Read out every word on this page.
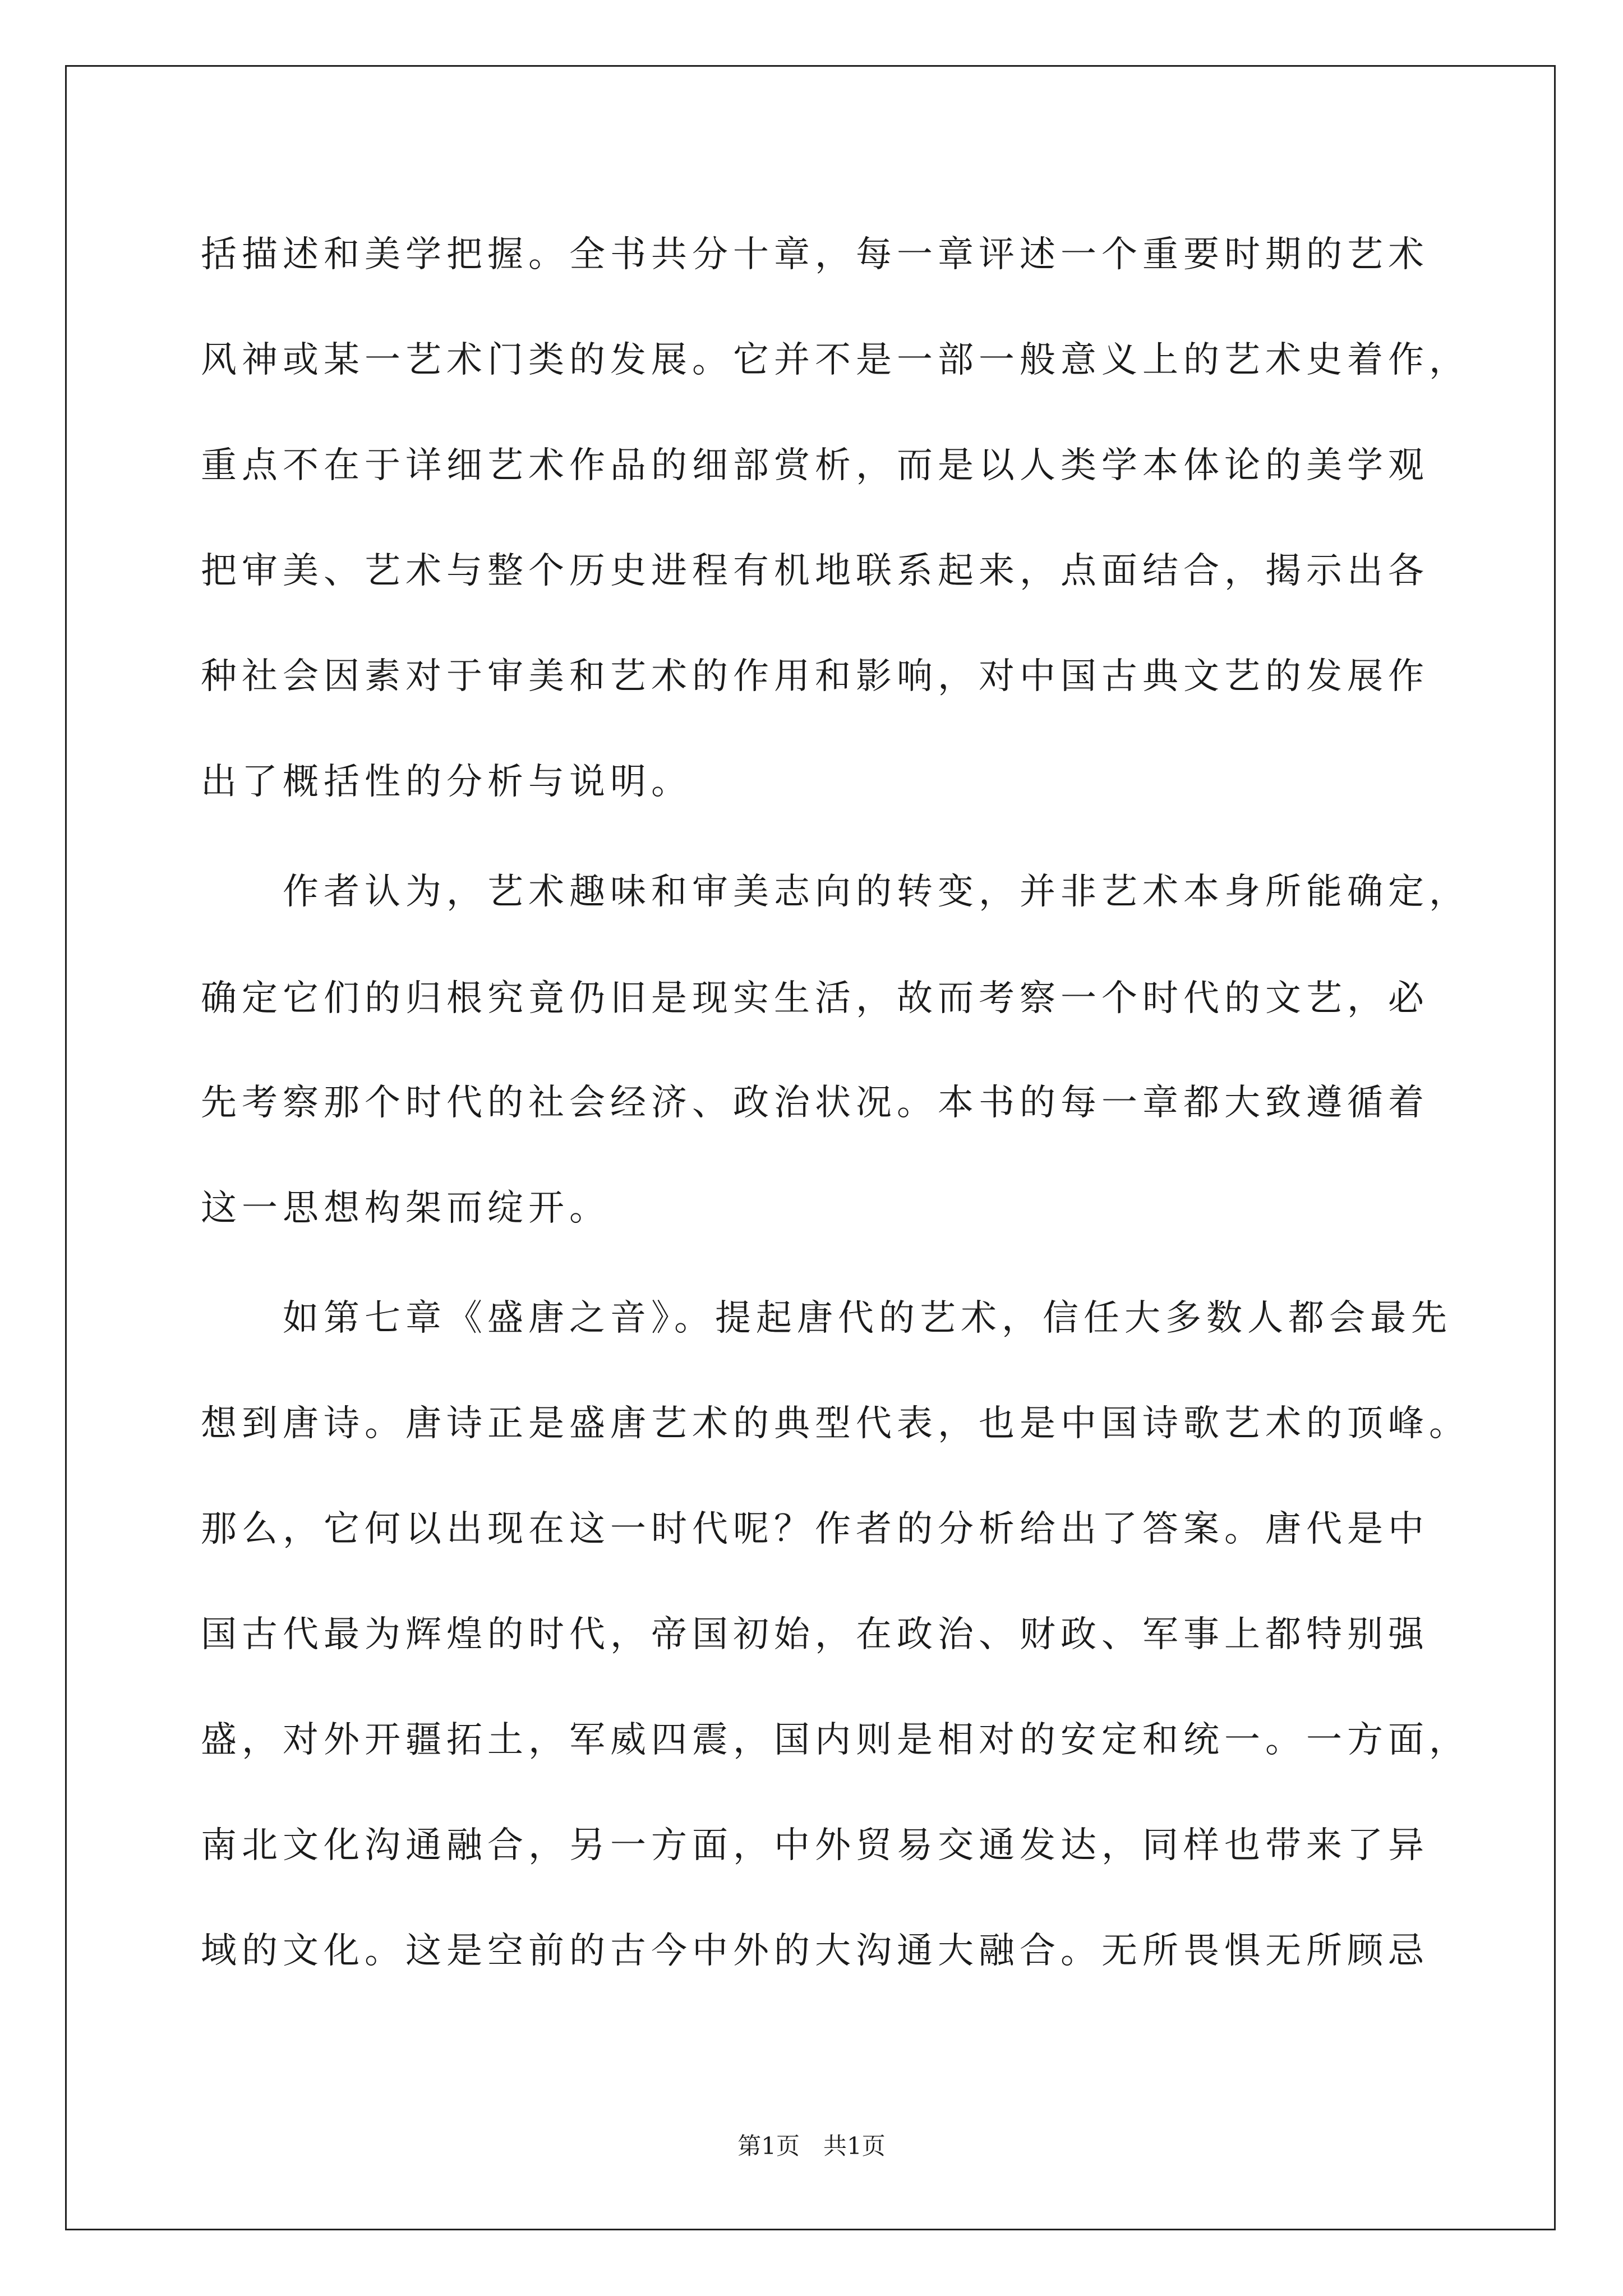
括描述和美学把握。全书共分十章，每一章评述一个重要时期的艺术
风神或某一艺术门类的发展。它并不是一部一般意义上的艺术史着作，
重点不在于详细艺术作品的细部赏析，而是以人类学本体论的美学观
把审美、艺术与整个历史进程有机地联系起来，点面结合，揭示出各
种社会因素对于审美和艺术的作用和影响，对中国古典文艺的发展作
出了概括性的分析与说明。
　　作者认为，艺术趣味和审美志向的转变，并非艺术本身所能确定，
确定它们的归根究竟仍旧是现实生活，故而考察一个时代的文艺，必
先考察那个时代的社会经济、政治状况。本书的每一章都大致遵循着
这一思想构架而绽开。
　　如第七章《盛唐之音》。提起唐代的艺术，信任大多数人都会最先
想到唐诗。唐诗正是盛唐艺术的典型代表，也是中国诗歌艺术的顶峰。
那么，它何以出现在这一时代呢？作者的分析给出了答案。唐代是中
国古代最为辉煌的时代，帝国初始，在政治、财政、军事上都特别强
盛，对外开疆拓土，军威四震，国内则是相对的安定和统一。一方面，
南北文化沟通融合，另一方面，中外贸易交通发达，同样也带来了异
域的文化。这是空前的古今中外的大沟通大融合。无所畏惧无所顾忌
第1页　共1页
